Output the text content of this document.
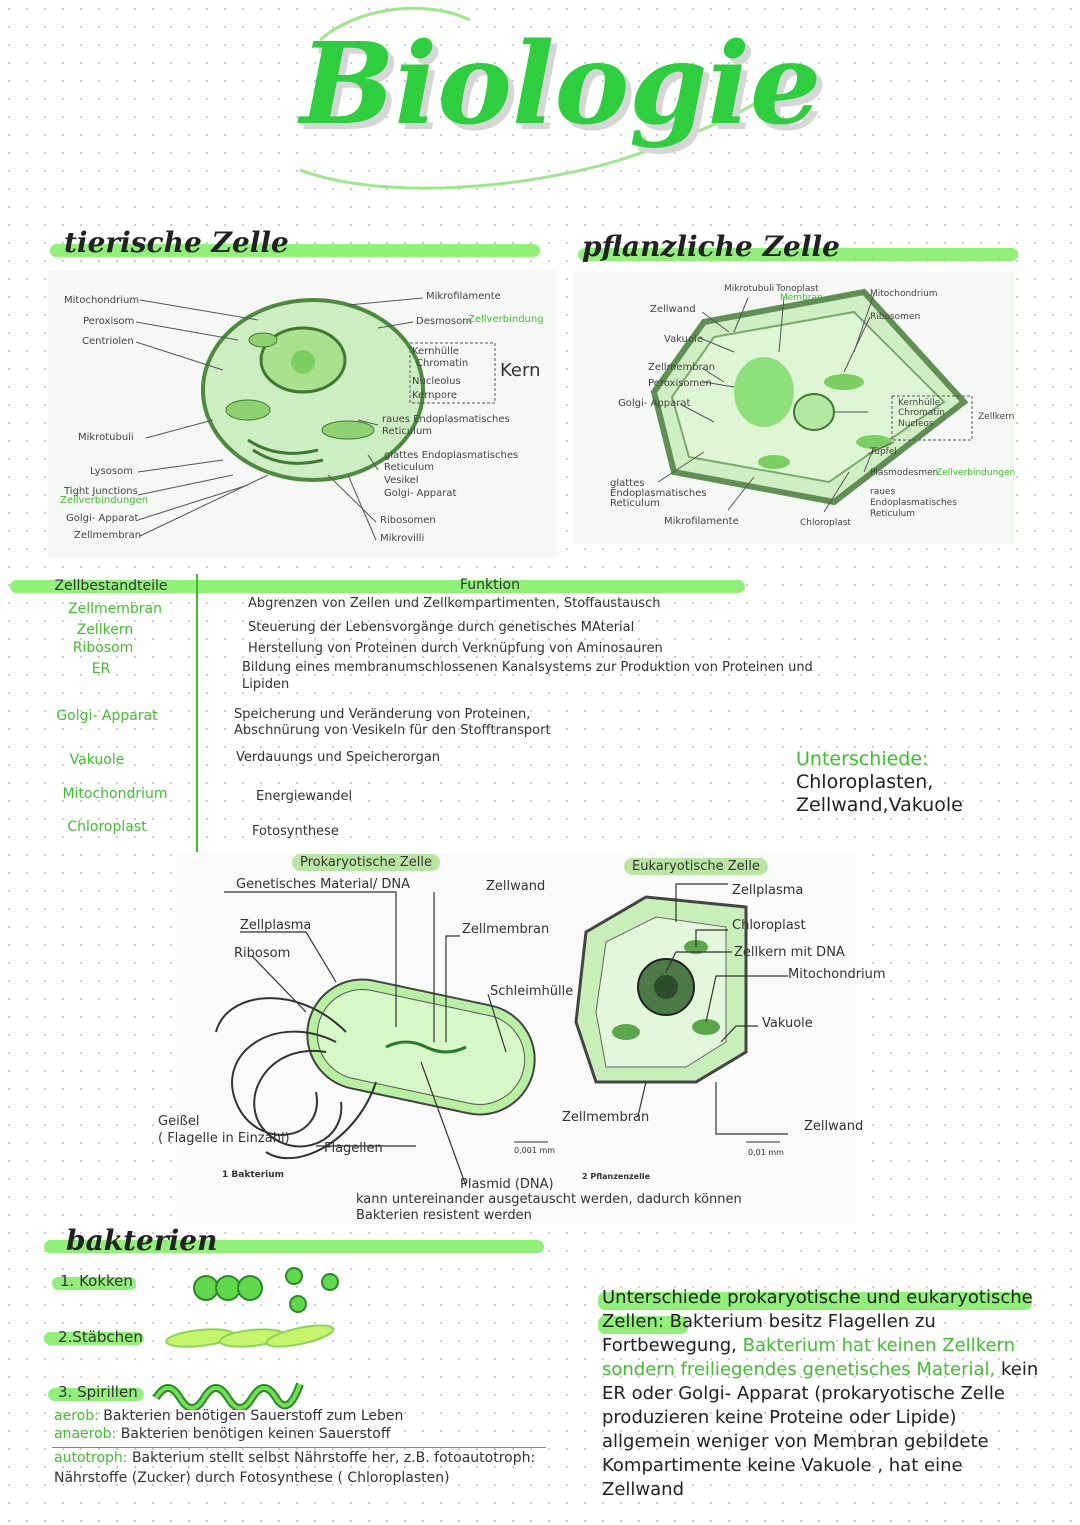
Biologie
tierische Zelle	pflanzliche Zelle
Mitochondrium
Peroxisom
Centriolen
Mikrotubuli
Lysosom
Tight Junctions
Zellverbindungen
Golgi- Apparat
Zellmembran
Mikrofilamente
Desmosom
Zellverbindung
Kernhülle
Chromatin
Nucleolus
Kernpore
Kern
raues Endoplasmatisches
Reticulum
glattes Endoplasmatisches
Reticulum
Vesikel
Golgi- Apparat
Ribosomen
Mikrovilli
Zellwand
Vakuole
Zellmembran
Peroxisomen
Golgi- Apparat
glattes
Endoplasmatisches
Reticulum
Mikrofilamente
Mikrotubuli Tonoplast
Membran	Mitochondrium
Ribosomen
Kernhülle
Chromatin
Nucleos
Zellkern
Tüpfel
Plasmodesmen
Zellverbindungen
raues
Endoplasmatisches
Reticulum
Chloroplast
Zellbestandteile	Funktion
Zellmembran	Abgrenzen von Zellen und Zellkompartimenten, Stoffaustausch
Zellkern	Steuerung der Lebensvorgänge durch genetisches MAterial
Ribosom	Herstellung von Proteinen durch Verknüpfung von Aminosauren
ER	Bildung eines membranumschlossenen Kanalsystems zur Produktion von Proteinen und
Lipiden
Golgi- Apparat	Speicherung und Veränderung von Proteinen,
Abschnürung von Vesikeln für den Stofftransport
Vakuole	Verdauungs und Speicherorgan
Mitochondrium	Energiewandel
Chloroplast	Fotosynthese
Unterschiede:
Chloroplasten,
Zellwand,Vakuole
Prokaryotische Zelle	Eukaryotische Zelle
Genetisches Material/ DNA	Zellwand
Zellplasma	Zellmembran
Ribosom
Schleimhülle
Geißel
( Flagelle in Einzahl)
Flagellen
Plasmid (DNA)
1 Bakterium
0,001 mm
Zellplasma
Chloroplast
Zellkern mit DNA
Mitochondrium
Vakuole
Zellmembran
Zellwand
2 Pflanzenzelle
0,01 mm
kann untereinander ausgetauscht werden, dadurch können
Bakterien resistent werden
bakterien
1. Kokken
2.Stäbchen
3. Spirillen
aerob: Bakterien benötigen Sauerstoff zum Leben
anaerob: Bakterien benötigen keinen Sauerstoff
autotroph: Bakterium stellt selbst Nährstoffe her, z.B. fotoautotroph:
Nährstoffe (Zucker) durch Fotosynthese ( Chloroplasten)
Unterschiede prokaryotische und eukaryotische
Zellen: Bakterium besitz Flagellen zu
Fortbewegung, Bakterium hat keinen Zellkern
sondern freiliegendes genetisches Material, kein
ER oder Golgi- Apparat (prokaryotische Zelle
produzieren keine Proteine oder Lipide)
allgemein weniger von Membran gebildete
Kompartimente keine Vakuole , hat eine
Zellwand
